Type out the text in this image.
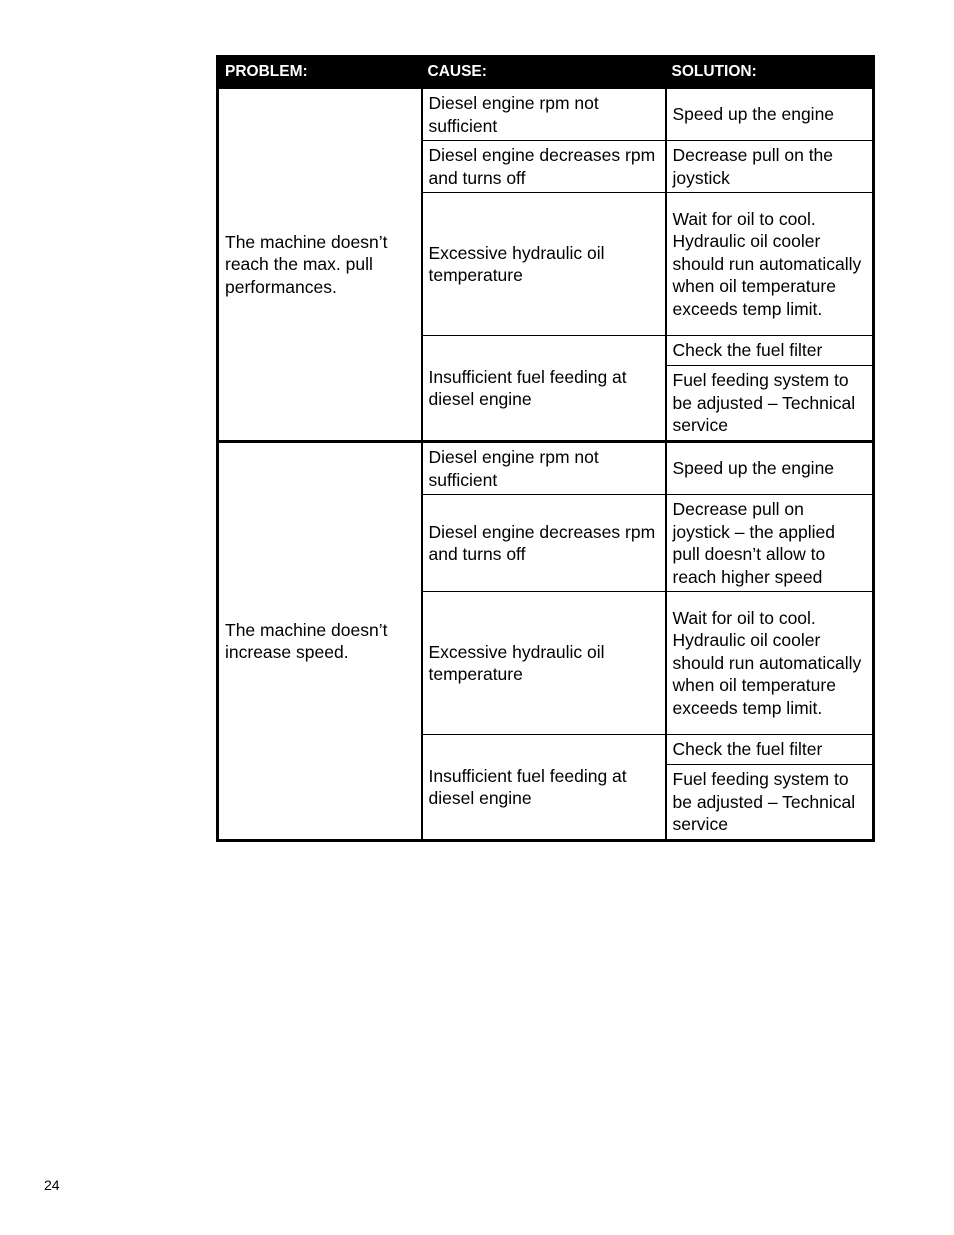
PROBLEM:	CAUSE:	SOLUTION:
The machine doesn’t reach the max. pull performances.	Diesel engine rpm not sufficient	Speed up the engine
	Diesel engine decreases rpm and turns off	Decrease pull on the joystick
	Excessive hydraulic oil temperature	Wait for oil to cool. Hydraulic oil cooler should run automatically when oil temperature exceeds temp limit.
	Insufficient fuel feeding at diesel engine	Check the fuel filter
		Fuel feeding system to be adjusted – Technical service
The machine doesn’t increase speed.	Diesel engine rpm not sufficient	Speed up the engine
	Diesel engine decreases rpm and turns off	Decrease pull on joystick – the applied pull doesn’t allow to reach higher speed
	Excessive hydraulic oil temperature	Wait for oil to cool. Hydraulic oil cooler should run automatically when oil temperature exceeds temp limit.
	Insufficient fuel feeding at diesel engine	Check the fuel filter
		Fuel feeding system to be adjusted – Technical service
24
